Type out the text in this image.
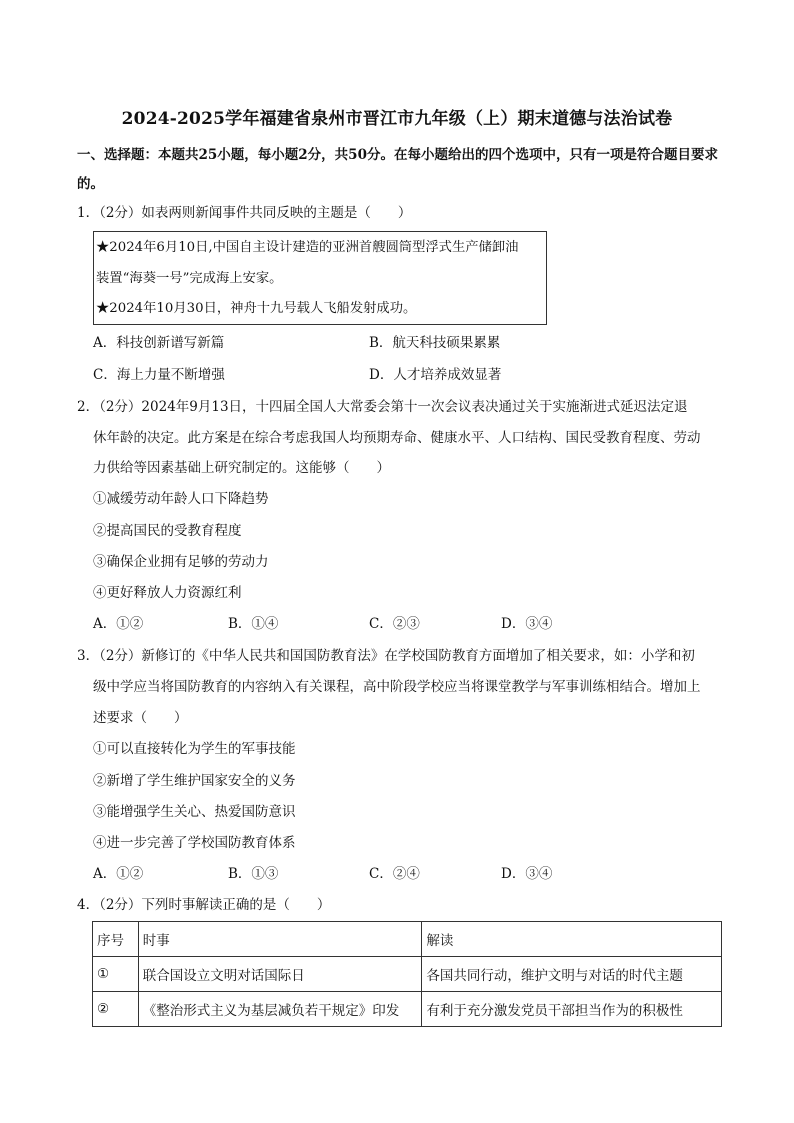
2024-2025学年福建省泉州市晋江市九年级（上）期末道德与法治试卷

一、选择题：本题共25小题，每小题2分，共50分。在每小题给出的四个选项中，只有一项是符合题目要求的。

1．（2分）如表两则新闻事件共同反映的主题是（　　）
★2024年6月10日,中国自主设计建造的亚洲首艘圆筒型浮式生产储卸油
装置“海葵一号”完成海上安家。
★2024年10月30日，神舟十九号载人飞船发射成功。
A．科技创新谱写新篇	B．航天科技硕果累累
C．海上力量不断增强	D．人才培养成效显著
2．（2分）2024年9月13日，十四届全国人大常委会第十一次会议表决通过关于实施渐进式延迟法定退
休年龄的决定。此方案是在综合考虑我国人均预期寿命、健康水平、人口结构、国民受教育程度、劳动
力供给等因素基础上研究制定的。这能够（　　）
①减缓劳动年龄人口下降趋势
②提高国民的受教育程度
③确保企业拥有足够的劳动力
④更好释放人力资源红利
A．①②	B．①④	C．②③	D．③④
3．（2分）新修订的《中华人民共和国国防教育法》在学校国防教育方面增加了相关要求，如：小学和初
级中学应当将国防教育的内容纳入有关课程，高中阶段学校应当将课堂教学与军事训练相结合。增加上
述要求（　　）
①可以直接转化为学生的军事技能
②新增了学生维护国家安全的义务
③能增强学生关心、热爱国防意识
④进一步完善了学校国防教育体系
A．①②	B．①③	C．②④	D．③④
4．（2分）下列时事解读正确的是（　　）
序号	时事	解读
①	联合国设立文明对话国际日	各国共同行动，维护文明与对话的时代主题
②	《整治形式主义为基层减负若干规定》印发	有利于充分激发党员干部担当作为的积极性
